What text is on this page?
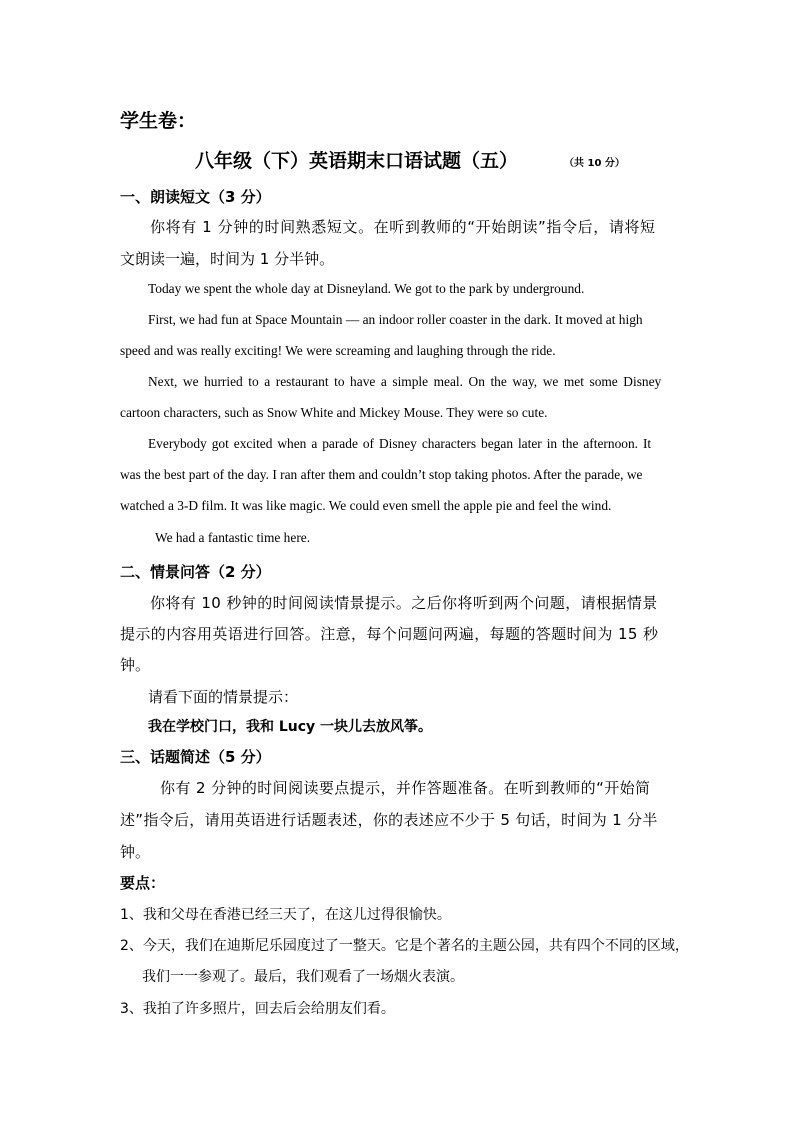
学生卷：
八年级（下）英语期末口语试题（五）	（共 10 分）
一、朗读短文（3 分）
你将有 1 分钟的时间熟悉短文。在听到教师的“开始朗读”指令后，请将短
文朗读一遍，时间为 1 分半钟。
Today we spent the whole day at Disneyland. We got to the park by underground.
First, we had fun at Space Mountain — an indoor roller coaster in the dark. It moved at high
speed and was really exciting! We were screaming and laughing through the ride.
Next, we hurried to a restaurant to have a simple meal. On the way, we met some Disney
cartoon characters, such as Snow White and Mickey Mouse. They were so cute.
Everybody got excited when a parade of Disney characters began later in the afternoon. It
was the best part of the day. I ran after them and couldn’t stop taking photos. After the parade, we
watched a 3-D film. It was like magic. We could even smell the apple pie and feel the wind.
We had a fantastic time here.
二、情景问答（2 分）
你将有 10 秒钟的时间阅读情景提示。之后你将听到两个问题，请根据情景
提示的内容用英语进行回答。注意，每个问题问两遍，每题的答题时间为 15 秒
钟。
请看下面的情景提示：
我在学校门口，我和 Lucy 一块儿去放风筝。
三、话题简述（5 分）
你有 2 分钟的时间阅读要点提示，并作答题准备。在听到教师的“开始简
述”指令后，请用英语进行话题表述，你的表述应不少于 5 句话，时间为 1 分半
钟。
要点：
1、我和父母在香港已经三天了，在这儿过得很愉快。
2、今天，我们在迪斯尼乐园度过了一整天。它是个著名的主题公园，共有四个不同的区域，
我们一一参观了。最后，我们观看了一场烟火表演。
3、我拍了许多照片，回去后会给朋友们看。
